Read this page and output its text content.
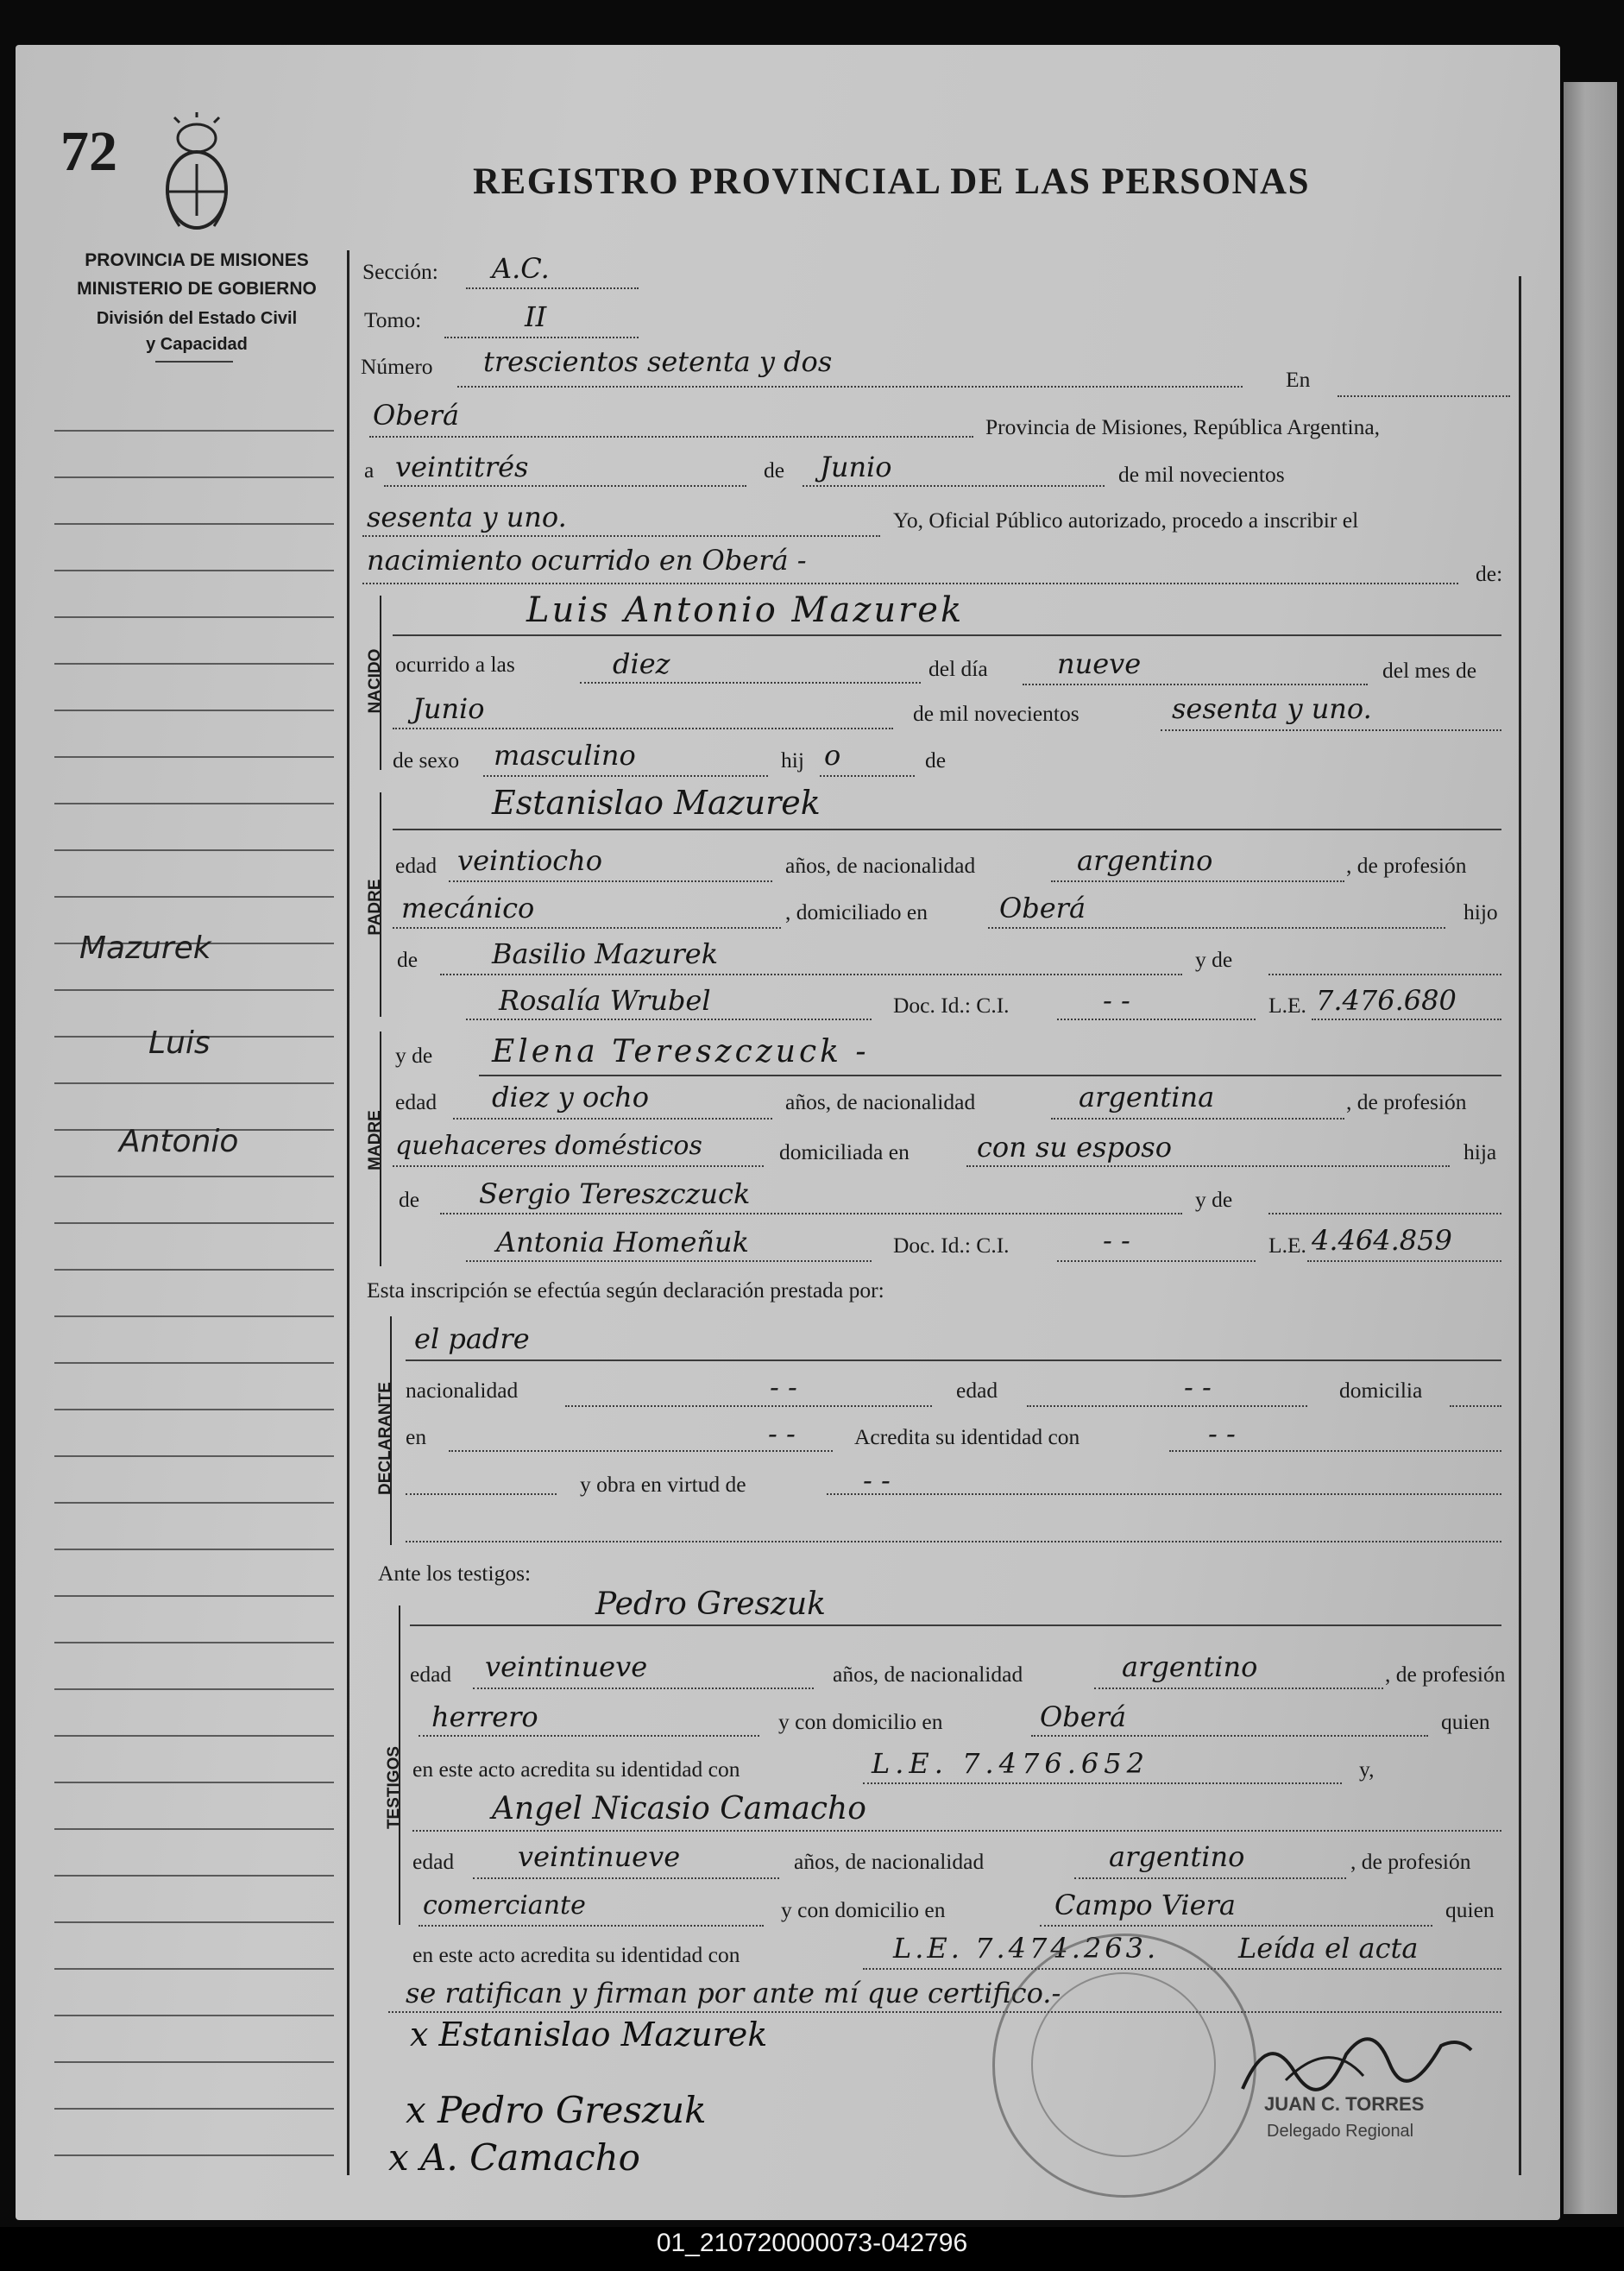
72	REGISTRO PROVINCIAL DE LAS PERSONAS
PROVINCIA DE MISIONES
MINISTERIO DE GOBIERNO
División del Estado Civil
y Capacidad
Mazurek
Luis
Antonio
NACIDO
PADRE
MADRE
DECLARANTE
TESTIGOS
Sección: A.C.
Tomo:	II
Número trescientos setenta y dos
En
Oberá	Provincia de Misiones, República Argentina,
a veintitrés	de Junio	de mil novecientos
sesenta y uno.	Yo, Oficial Público autorizado, procedo a inscribir el
nacimiento ocurrido en Oberá -	de:
Luis Antonio Mazurek
ocurrido a las	diez	del día	nueve	del mes de
Junio	de mil novecientos	sesenta y uno.
de sexo masculino	hij o	de
Estanislao Mazurek
edad veintiocho	años, de nacionalidad	argentino	, de profesión
mecánico	, domiciliado en	Oberá	hijo
de	Basilio Mazurek	y de
Rosalía Wrubel	Doc. Id.: C.I.	- -	L.E. 7.476.680
y de Elena Tereszczuck -
edad diez y ocho	años, de nacionalidad	argentina	, de profesión
quehaceres domésticos	domiciliada en con su esposo	hija
de Sergio Tereszczuck	y de
Antonia Homeñuk	Doc. Id.: C.I.	- -	L.E. 4.464.859
Esta inscripción se efectúa según declaración prestada por:
el padre
nacionalidad	- -	edad	- -	domicilia
en	- -	Acredita su identidad con	- -
y obra en virtud de	- -
Ante los testigos:
Pedro Greszuk
edad veintinueve	años, de nacionalidad	argentino	, de profesión
herrero	y con domicilio en	Oberá	quien
en este acto acredita su identidad con	L.E. 7.476.652	y,
Angel Nicasio Camacho
edad veintinueve	años, de nacionalidad	argentino	, de profesión
comerciante	y con domicilio en	Campo Viera	quien
en este acto acredita su identidad con	L.E. 7.474.263.	Leída el acta
se ratifican y firman por ante mí que certifico.-
x Estanislao Mazurek
x Pedro Greszuk
x A. Camacho
JUAN C. TORRES
Delegado Regional
01_210720000073-042796
